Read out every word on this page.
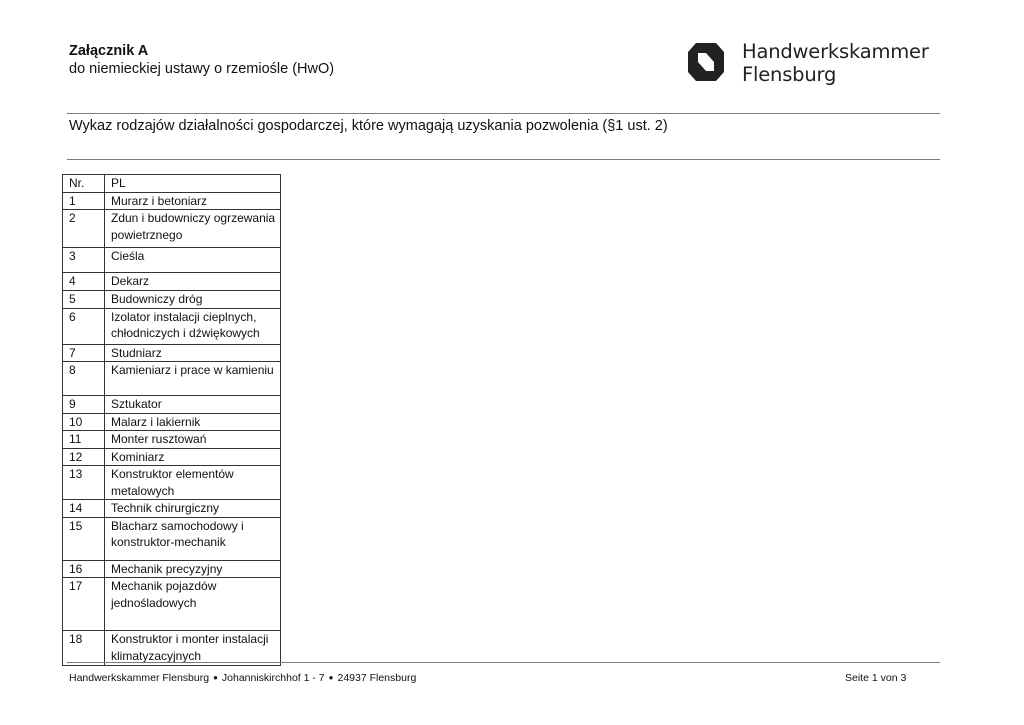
Załącznik A
do niemieckiej ustawy o rzemiośle (HwO)
Handwerkskammer
Flensburg
Wykaz rodzajów działalności gospodarczej, które wymagają uzyskania pozwolenia (§1 ust. 2)
Nr.	PL
1	Murarz i betoniarz
2	Zdun i budowniczy ogrzewania powietrznego
3	Cieśla
4	Dekarz
5	Budowniczy dróg
6	Izolator instalacji cieplnych, chłodniczych i dźwiękowych
7	Studniarz
8	Kamieniarz i prace w kamieniu
9	Sztukator
10	Malarz i lakiernik
11	Monter rusztowań
12	Kominiarz
13	Konstruktor elementów metalowych
14	Technik chirurgiczny
15	Blacharz samochodowy i konstruktor-mechanik
16	Mechanik precyzyjny
17	Mechanik pojazdów jednośladowych
18	Konstruktor i monter instalacji klimatyzacyjnych
Handwerkskammer Flensburg ● Johanniskirchhof 1 - 7 ● 24937 Flensburg	Seite 1 von 3
